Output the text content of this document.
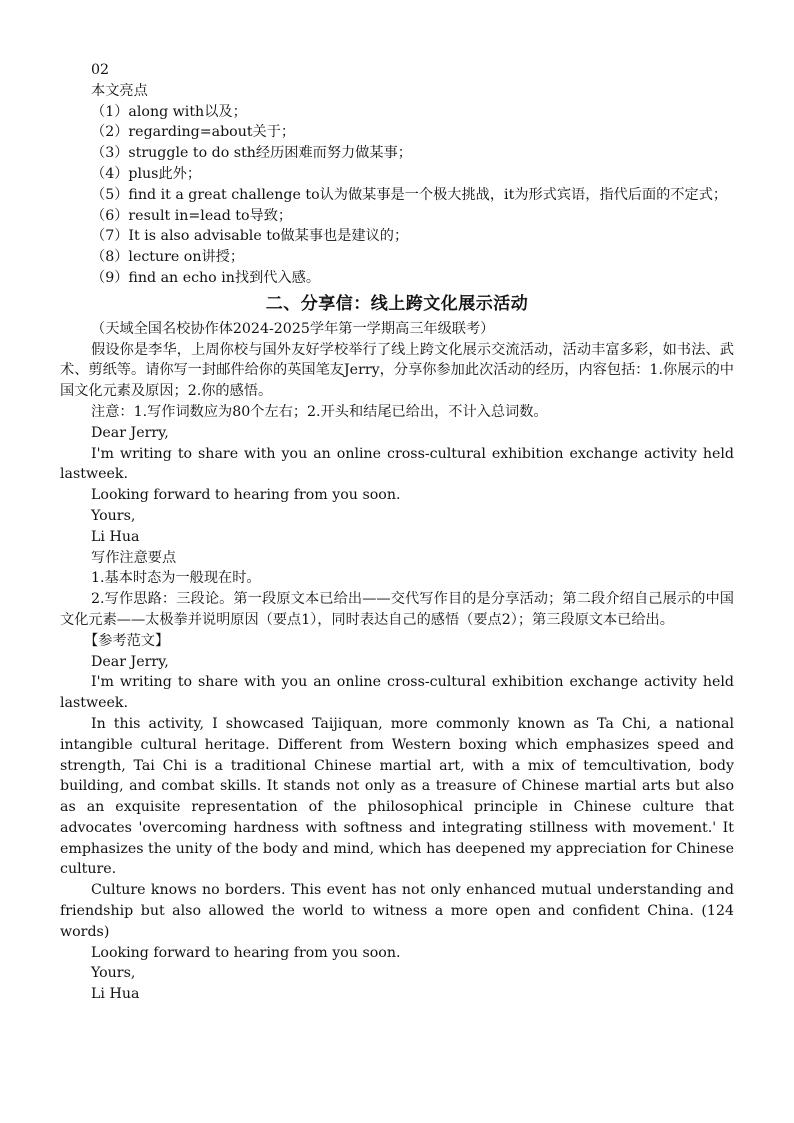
02

本文亮点

（1）along with以及；

（2）regarding=about关于；

（3）struggle to do sth经历困难而努力做某事；

（4）plus此外；

（5）find it a great challenge to认为做某事是一个极大挑战，it为形式宾语，指代后面的不定式；

（6）result in=lead to导致；

（7）It is also advisable to做某事也是建议的；

（8）lecture on讲授；

（9）find an echo in找到代入感。

二、分享信：线上跨文化展示活动

（天域全国名校协作体2024-2025学年第一学期高三年级联考）

假设你是李华，上周你校与国外友好学校举行了线上跨文化展示交流活动，活动丰富多彩，如书法、武术、剪纸等。请你写一封邮件给你的英国笔友Jerry，分享你参加此次活动的经历，内容包括：1.你展示的中国文化元素及原因；2.你的感悟。

注意：1.写作词数应为80个左右；2.开头和结尾已给出，不计入总词数。

Dear Jerry,

I'm writing to share with you an online cross-cultural exhibition exchange activity held lastweek.

Looking forward to hearing from you soon.

Yours,

Li Hua

写作注意要点

1.基本时态为一般现在时。

2.写作思路：三段论。第一段原文本已给出——交代写作目的是分享活动；第二段介绍自己展示的中国文化元素——太极拳并说明原因（要点1），同时表达自己的感悟（要点2）；第三段原文本已给出。

【参考范文】

Dear Jerry,

I'm writing to share with you an online cross-cultural exhibition exchange activity held lastweek.

In this activity, I showcased Taijiquan, more commonly known as Ta Chi, a national intangible cultural heritage. Different from Western boxing which emphasizes speed and strength, Tai Chi is a traditional Chinese martial art, with a mix of temcultivation, body building, and combat skills. It stands not only as a treasure of Chinese martial arts but also as an exquisite representation of the philosophical principle in Chinese culture that advocates 'overcoming hardness with softness and integrating stillness with movement.' It emphasizes the unity of the body and mind, which has deepened my appreciation for Chinese culture.

Culture knows no borders. This event has not only enhanced mutual understanding and friendship but also allowed the world to witness a more open and confident China. (124 words)

Looking forward to hearing from you soon.

Yours,

Li Hua
